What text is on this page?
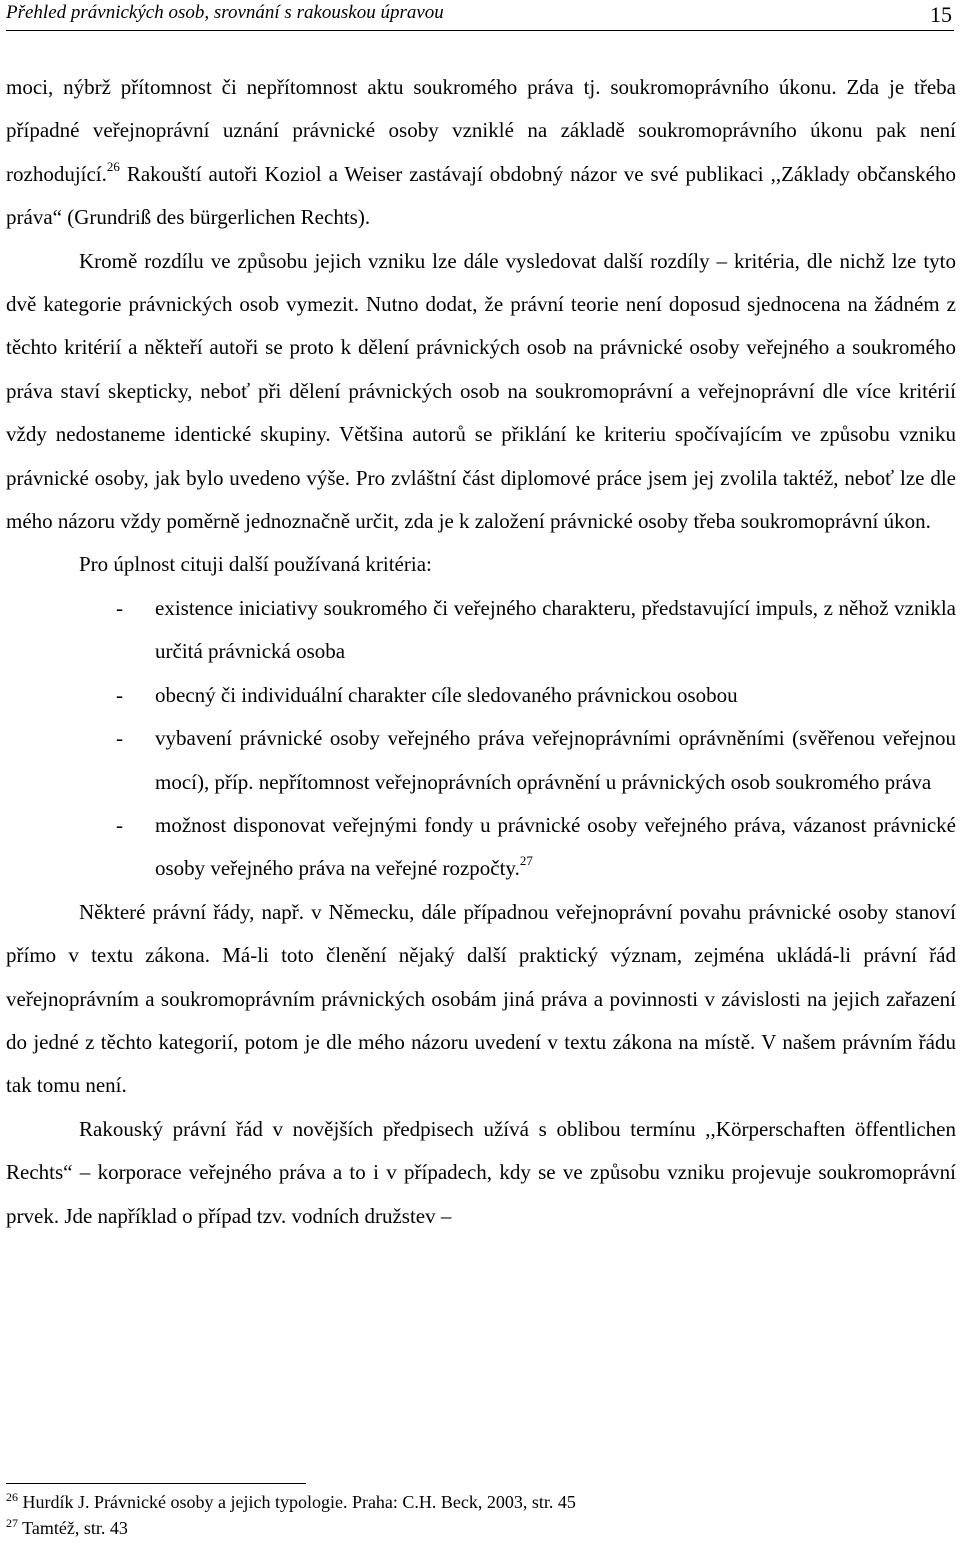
Přehled právnických osob, srovnání s rakouskou úpravou	15

moci, nýbrž přítomnost či nepřítomnost aktu soukromého práva tj. soukromoprávního úkonu. Zda je třeba případné veřejnoprávní uznání právnické osoby vzniklé na základě soukromoprávního úkonu pak není rozhodující.$^{26}$ Rakouští autoři Koziol a Weiser zastávají obdobný názor ve své publikaci ,,Základy občanského práva“ (Grundriß des bürgerlichen Rechts).

Kromě rozdílu ve způsobu jejich vzniku lze dále vysledovat další rozdíly – kritéria, dle nichž lze tyto dvě kategorie právnických osob vymezit. Nutno dodat, že právní teorie není doposud sjednocena na žádném z těchto kritérií a někteří autoři se proto k dělení právnických osob na právnické osoby veřejného a soukromého práva staví skepticky, neboť při dělení právnických osob na soukromoprávní a veřejnoprávní dle více kritérií vždy nedostaneme identické skupiny. Většina autorů se přiklání ke kriteriu spočívajícím ve způsobu vzniku právnické osoby, jak bylo uvedeno výše. Pro zvláštní část diplomové práce jsem jej zvolila taktéž, neboť lze dle mého názoru vždy poměrně jednoznačně určit, zda je k založení právnické osoby třeba soukromoprávní úkon.

Pro úplnost cituji další používaná kritéria:

- existence iniciativy soukromého či veřejného charakteru, představující impuls, z něhož vznikla určitá právnická osoba
- obecný či individuální charakter cíle sledovaného právnickou osobou
- vybavení právnické osoby veřejného práva veřejnoprávními oprávněními (svěřenou veřejnou mocí), příp. nepřítomnost veřejnoprávních oprávnění u právnických osob soukromého práva
- možnost disponovat veřejnými fondy u právnické osoby veřejného práva, vázanost právnické osoby veřejného práva na veřejné rozpočty.$^{27}$

Některé právní řády, např. v Německu, dále případnou veřejnoprávní povahu právnické osoby stanoví přímo v textu zákona. Má-li toto členění nějaký další praktický význam, zejména ukládá-li právní řád veřejnoprávním a soukromoprávním právnických osobám jiná práva a povinnosti v závislosti na jejich zařazení do jedné z těchto kategorií, potom je dle mého názoru uvedení v textu zákona na místě. V našem právním řádu tak tomu není.

Rakouský právní řád v novějších předpisech užívá s oblibou termínu ,,Körperschaften öffentlichen Rechts“ – korporace veřejného práva a to i v případech, kdy se ve způsobu vzniku projevuje soukromoprávní prvek. Jde například o případ tzv. vodních družstev –

$^{26}$ Hurdík J. Právnické osoby a jejich typologie. Praha: C.H. Beck, 2003, str. 45
$^{27}$ Tamtéž, str. 43
